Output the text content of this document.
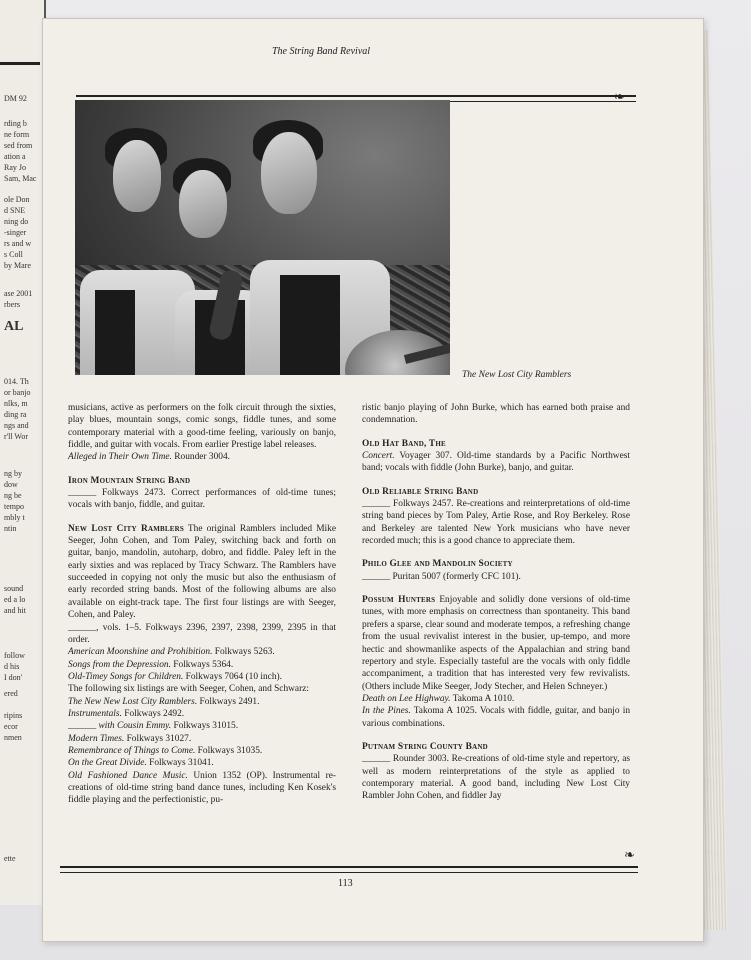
DM 92
rding b
ne form
sed from
ation a
Ray Jo
Sam, Mac
ole Don
d SNE
ning do
-singer
rs and w
s Coll
by Mare
ase 2001
rbers
AL
014. Th
or banjo
nlks, m
ding ra
ngs and
r'll Wor
ng by
dow
ng be
tempo
mbly t
ntin
sound
ed a lo
and hit
follow
d his
I don'
ered
ripins
ecor
nmen
ette

The String Band Revival

❧

The New Lost City Ramblers

musicians, active as performers on the folk circuit through the sixties, play blues, mountain songs, comic songs, fiddle tunes, and some contemporary material with a good-time feeling, variously on banjo, fiddle, and guitar with vocals. From earlier Prestige label releases.

Alleged in Their Own Time. Rounder 3004.

Iron Mountain String Band
______ Folkways 2473. Correct performances of old-time tunes; vocals with banjo, fiddle, and guitar.

New Lost City Ramblers The original Ramblers included Mike Seeger, John Cohen, and Tom Paley, switching back and forth on guitar, banjo, mandolin, autoharp, dobro, and fiddle. Paley left in the early sixties and was replaced by Tracy Schwarz. The Ramblers have succeeded in copying not only the music but also the enthusiasm of early recorded string bands. Most of the following albums are also available on eight-track tape. The first four listings are with Seeger, Cohen, and Paley.

______, vols. 1–5. Folkways 2396, 2397, 2398, 2399, 2395 in that order.

American Moonshine and Prohibition. Folkways 5263.

Songs from the Depression. Folkways 5364.

Old-Timey Songs for Children. Folkways 7064 (10 inch).

The following six listings are with Seeger, Cohen, and Schwarz:

The New New Lost City Ramblers. Folkways 2491.

Instrumentals. Folkways 2492.

______ with Cousin Emmy. Folkways 31015.

Modern Times. Folkways 31027.

Remembrance of Things to Come. Folkways 31035.

On the Great Divide. Folkways 31041.

Old Fashioned Dance Music. Union 1352 (OP). Instrumental re-creations of old-time string band dance tunes, including Ken Kosek's fiddle playing and the perfectionistic, pu-

ristic banjo playing of John Burke, which has earned both praise and condemnation.

Old Hat Band, The

Concert. Voyager 307. Old-time standards by a Pacific Northwest band; vocals with fiddle (John Burke), banjo, and guitar.

Old Reliable String Band
______ Folkways 2457. Re-creations and reinterpretations of old-time string band pieces by Tom Paley, Artie Rose, and Roy Berkeley. Rose and Berkeley are talented New York musicians who have never recorded much; this is a good chance to appreciate them.

Philo Glee and Mandolin Society
______ Puritan 5007 (formerly CFC 101).

Possum Hunters Enjoyable and solidly done versions of old-time tunes, with more emphasis on correctness than spontaneity. This band prefers a sparse, clear sound and moderate tempos, a refreshing change from the usual revivalist interest in the busier, up-tempo, and more hectic and showmanlike aspects of the Appalachian and string band repertory and style. Especially tasteful are the vocals with only fiddle accompaniment, a tradition that has interested very few revivalists. (Others include Mike Seeger, Jody Stecher, and Helen Schneyer.)

Death on Lee Highway. Takoma A 1010.

In the Pines. Takoma A 1025. Vocals with fiddle, guitar, and banjo in various combinations.

Putnam String County Band
______ Rounder 3003. Re-creations of old-time style and repertory, as well as modern reinterpretations of the style as applied to contemporary material. A good band, including New Lost City Rambler John Cohen, and fiddler Jay

❧

113
